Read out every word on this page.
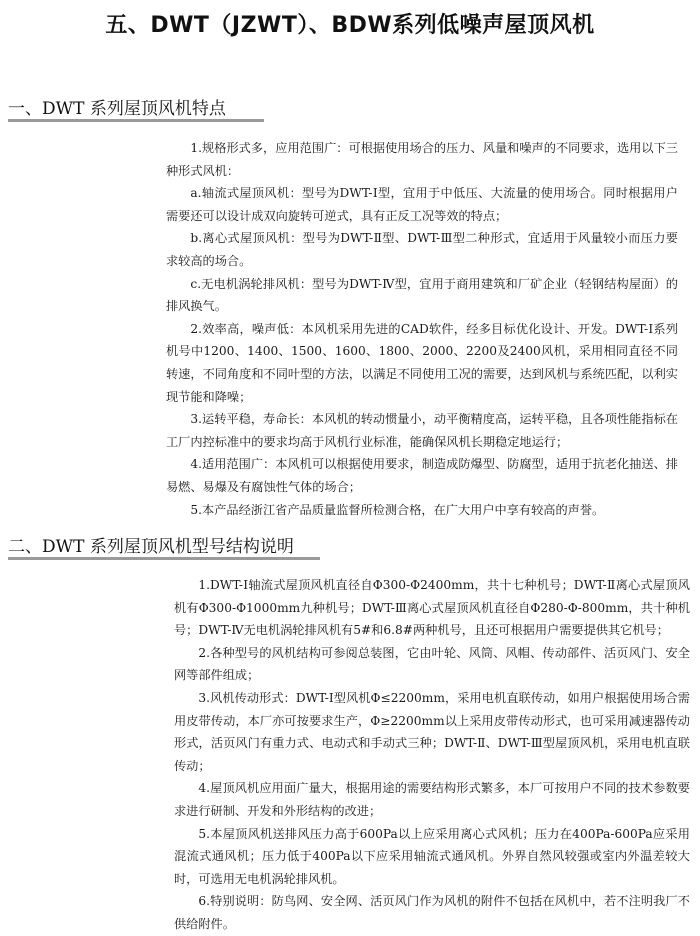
五、DWT（JZWT）、BDW系列低噪声屋顶风机
一、DWT 系列屋顶风机特点

1.规格形式多，应用范围广：可根据使用场合的压力、风量和噪声的不同要求，选用以下三种形式风机：

a.轴流式屋顶风机：型号为DWT-Ⅰ型，宜用于中低压、大流量的使用场合。同时根据用户需要还可以设计成双向旋转可逆式，具有正反工况等效的特点；

b.离心式屋顶风机：型号为DWT-Ⅱ型、DWT-Ⅲ型二种形式，宜适用于风量较小而压力要求较高的场合。

c.无电机涡轮排风机：型号为DWT-Ⅳ型，宜用于商用建筑和厂矿企业（轻钢结构屋面）的排风换气。

2.效率高，噪声低：本风机采用先进的CAD软件，经多目标优化设计、开发。DWT-Ⅰ系列机号中1200、1400、1500、1600、1800、2000、2200及2400风机，采用相同直径不同转速，不同角度和不同叶型的方法，以满足不同使用工况的需要，达到风机与系统匹配，以利实现节能和降噪；

3.运转平稳，寿命长：本风机的转动惯量小，动平衡精度高，运转平稳，且各项性能指标在工厂内控标准中的要求均高于风机行业标准，能确保风机长期稳定地运行；

4.适用范围广：本风机可以根据使用要求，制造成防爆型、防腐型，适用于抗老化抽送、排易燃、易爆及有腐蚀性气体的场合；

5.本产品经浙江省产品质量监督所检测合格，在广大用户中享有较高的声誉。

二、DWT 系列屋顶风机型号结构说明

1.DWT-Ⅰ轴流式屋顶风机直径自Φ300-Φ2400mm，共十七种机号；DWT-Ⅱ离心式屋顶风机有Φ300-Φ1000mm九种机号；DWT-Ⅲ离心式屋顶风机直径自Φ280-Φ-800mm，共十种机号；DWT-Ⅳ无电机涡轮排风机有5#和6.8#两种机号，且还可根据用户需要提供其它机号；

2.各种型号的风机结构可参阅总装图，它由叶轮、风筒、风帽、传动部件、活页风门、安全网等部件组成；

3.风机传动形式：DWT-Ⅰ型风机Φ≤2200mm，采用电机直联传动，如用户根据使用场合需用皮带传动，本厂亦可按要求生产，Φ≥2200mm以上采用皮带传动形式，也可采用减速器传动形式，活页风门有重力式、电动式和手动式三种；DWT-Ⅱ、DWT-Ⅲ型屋顶风机，采用电机直联传动；

4.屋顶风机应用面广量大，根据用途的需要结构形式繁多，本厂可按用户不同的技术参数要求进行研制、开发和外形结构的改进；

5.本屋顶风机送排风压力高于600Pa以上应采用离心式风机；压力在400Pa-600Pa应采用混流式通风机；压力低于400Pa以下应采用轴流式通风机。外界自然风较强或室内外温差较大时，可选用无电机涡轮排风机。

6.特别说明：防鸟网、安全网、活页风门作为风机的附件不包括在风机中，若不注明我厂不供给附件。
